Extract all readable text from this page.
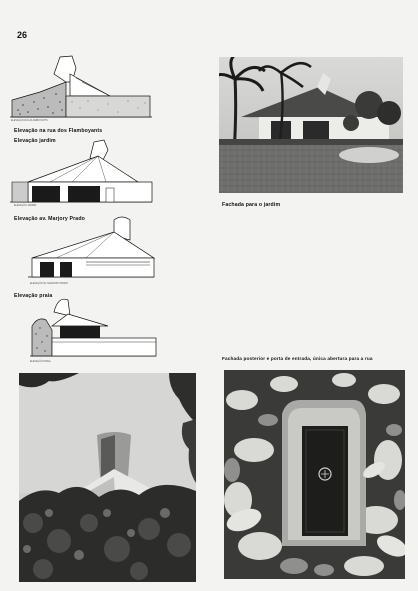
26
ELEVAÇÃO RUA FLAMBOYANTS
Elevação na rua dos Flamboyants
Elevação jardim
ELEVAÇÃO JARDIM
Elevação av. Marjory Prado
ELEVAÇÃO AV. MARJORY PRADO
Elevação praia
ELEVAÇÃO PRAIA
Fachada para o jardim
Fachada posterior e porta de entrada, única abertura para a rua
